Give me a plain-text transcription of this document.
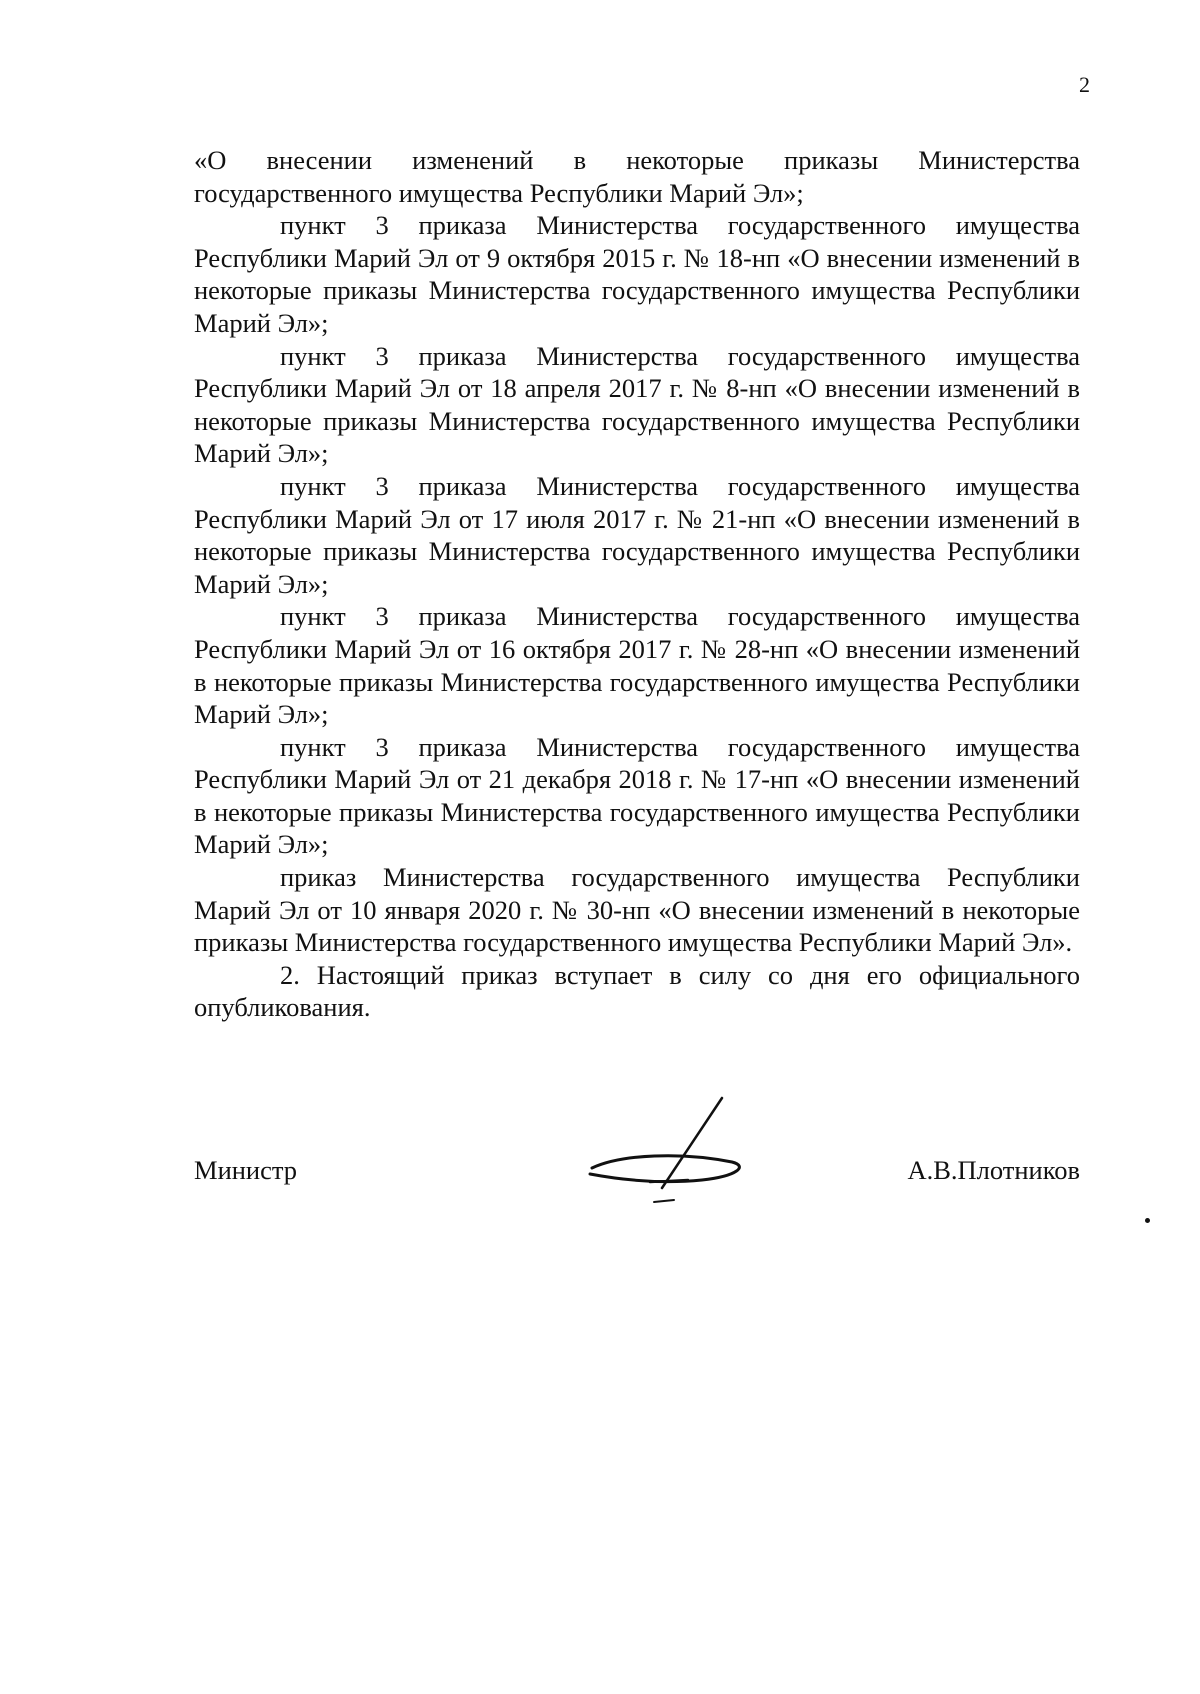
2

«О внесении изменений в некоторые приказы Министерства государственного имущества Республики Марий Эл»;

пункт 3 приказа Министерства государственного имущества Республики Марий Эл от 9 октября 2015 г. № 18-нп «О внесении изменений в некоторые приказы Министерства государственного имущества Республики Марий Эл»;

пункт 3 приказа Министерства государственного имущества Республики Марий Эл от 18 апреля 2017 г. № 8-нп «О внесении изменений в некоторые приказы Министерства государственного имущества Республики Марий Эл»;

пункт 3 приказа Министерства государственного имущества Республики Марий Эл от 17 июля 2017 г. № 21-нп «О внесении изменений в некоторые приказы Министерства государственного имущества Республики Марий Эл»;

пункт 3 приказа Министерства государственного имущества Республики Марий Эл от 16 октября 2017 г. № 28-нп «О внесении изменений в некоторые приказы Министерства государственного имущества Республики Марий Эл»;

пункт 3 приказа Министерства государственного имущества Республики Марий Эл от 21 декабря 2018 г. № 17-нп «О внесении изменений в некоторые приказы Министерства государственного имущества Республики Марий Эл»;

приказ Министерства государственного имущества Республики Марий Эл от 10 января 2020 г. № 30-нп «О внесении изменений в некоторые приказы Министерства государственного имущества Республики Марий Эл».

2. Настоящий приказ вступает в силу со дня его официального опубликования.

Министр	А.В.Плотников
